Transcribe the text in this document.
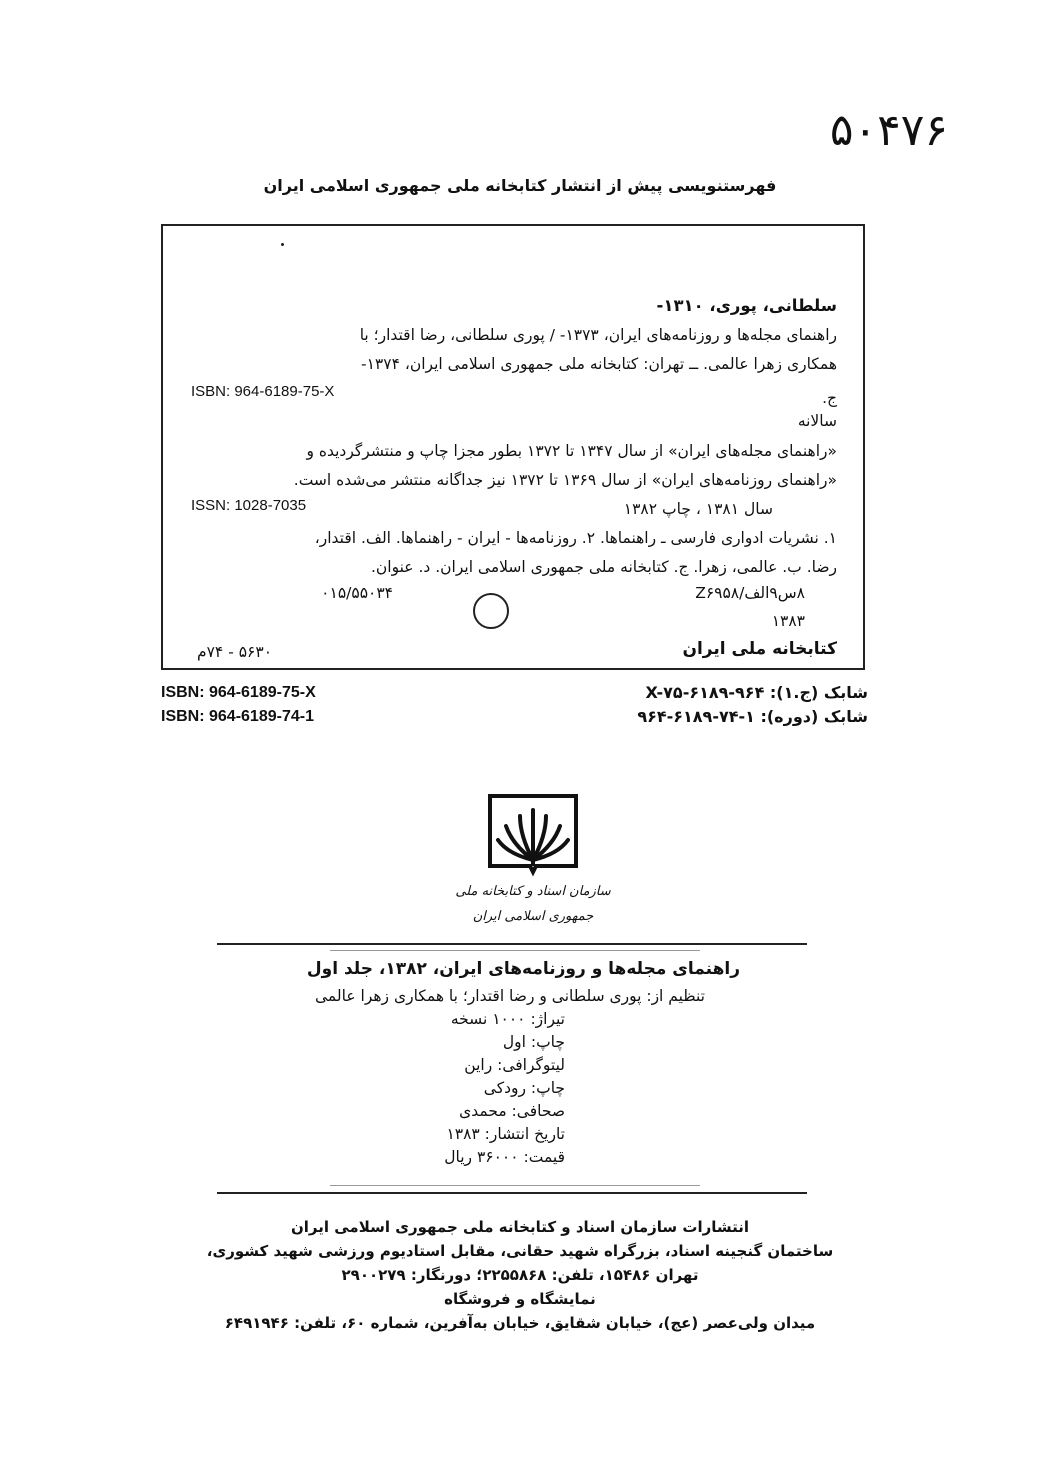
۵۰۴۷۶
فهرستنویسی پیش از انتشار کتابخانه ملی جمهوری اسلامی ایران
سلطانی، پوری، ۱۳۱۰-
راهنمای مجله‌ها و روزنامه‌های ایران، ۱۳۷۳- / پوری سلطانی، رضا اقتدار؛ با
همکاری زهرا عالمی. ــ تهران: کتابخانه ملی جمهوری اسلامی ایران، ۱۳۷۴-
ISBN: 964-6189-75-X	ج.
سالانه
«راهنمای مجله‌های ایران» از سال ۱۳۴۷ تا ۱۳۷۲ بطور مجزا چاپ و منتشرگردیده و
«راهنمای روزنامه‌های ایران» از سال ۱۳۶۹ تا ۱۳۷۲ نیز جداگانه منتشر می‌شده است.
ISSN: 1028-7035	سال ۱۳۸۱ ، چاپ ۱۳۸۲
۱. نشریات ادواری فارسی ـ راهنماها. ۲. روزنامه‌ها - ایران - راهنماها. الف. اقتدار،
رضا. ب. عالمی، زهرا. ج. کتابخانه ملی جمهوری اسلامی ایران. د. عنوان.
۸س۹الف/Z۶۹۵۸
۰۱۵/۵۵۰۳۴
۱۳۸۳
کتابخانه ملی ایران
۵۶۳۰ - ۷۴م
ISBN: 964-6189-75-X
ISBN: 964-6189-74-1
شابک (ج.۱): X-۷۵-۶۱۸۹-۹۶۴
شابک (دوره): ۱-۷۴-۶۱۸۹-۹۶۴
سازمان اسناد و کتابخانه ملی
جمهوری اسلامی ایران
راهنمای مجله‌ها و روزنامه‌های ایران، ۱۳۸۲، جلد اول
تنظیم از: پوری سلطانی و رضا اقتدار؛ با همکاری زهرا عالمی
تیراژ: ۱۰۰۰ نسخه
چاپ: اول
لیتوگرافی: راین
چاپ: رودکی
صحافی: محمدی
تاریخ انتشار: ۱۳۸۳
قیمت: ۳۶۰۰۰ ریال
انتشارات سازمان اسناد و کتابخانه ملی جمهوری اسلامی ایران
ساختمان گنجینه اسناد، بزرگراه شهید حقانی، مقابل استادیوم ورزشی شهید کشوری،
تهران ۱۵۴۸۶، تلفن: ۲۲۵۵۸۶۸؛ دورنگار: ۲۹۰۰۲۷۹
نمایشگاه و فروشگاه
میدان ولی‌عصر (عج)، خیابان شقایق، خیابان به‌آفرین، شماره ۶۰، تلفن: ۶۴۹۱۹۴۶
